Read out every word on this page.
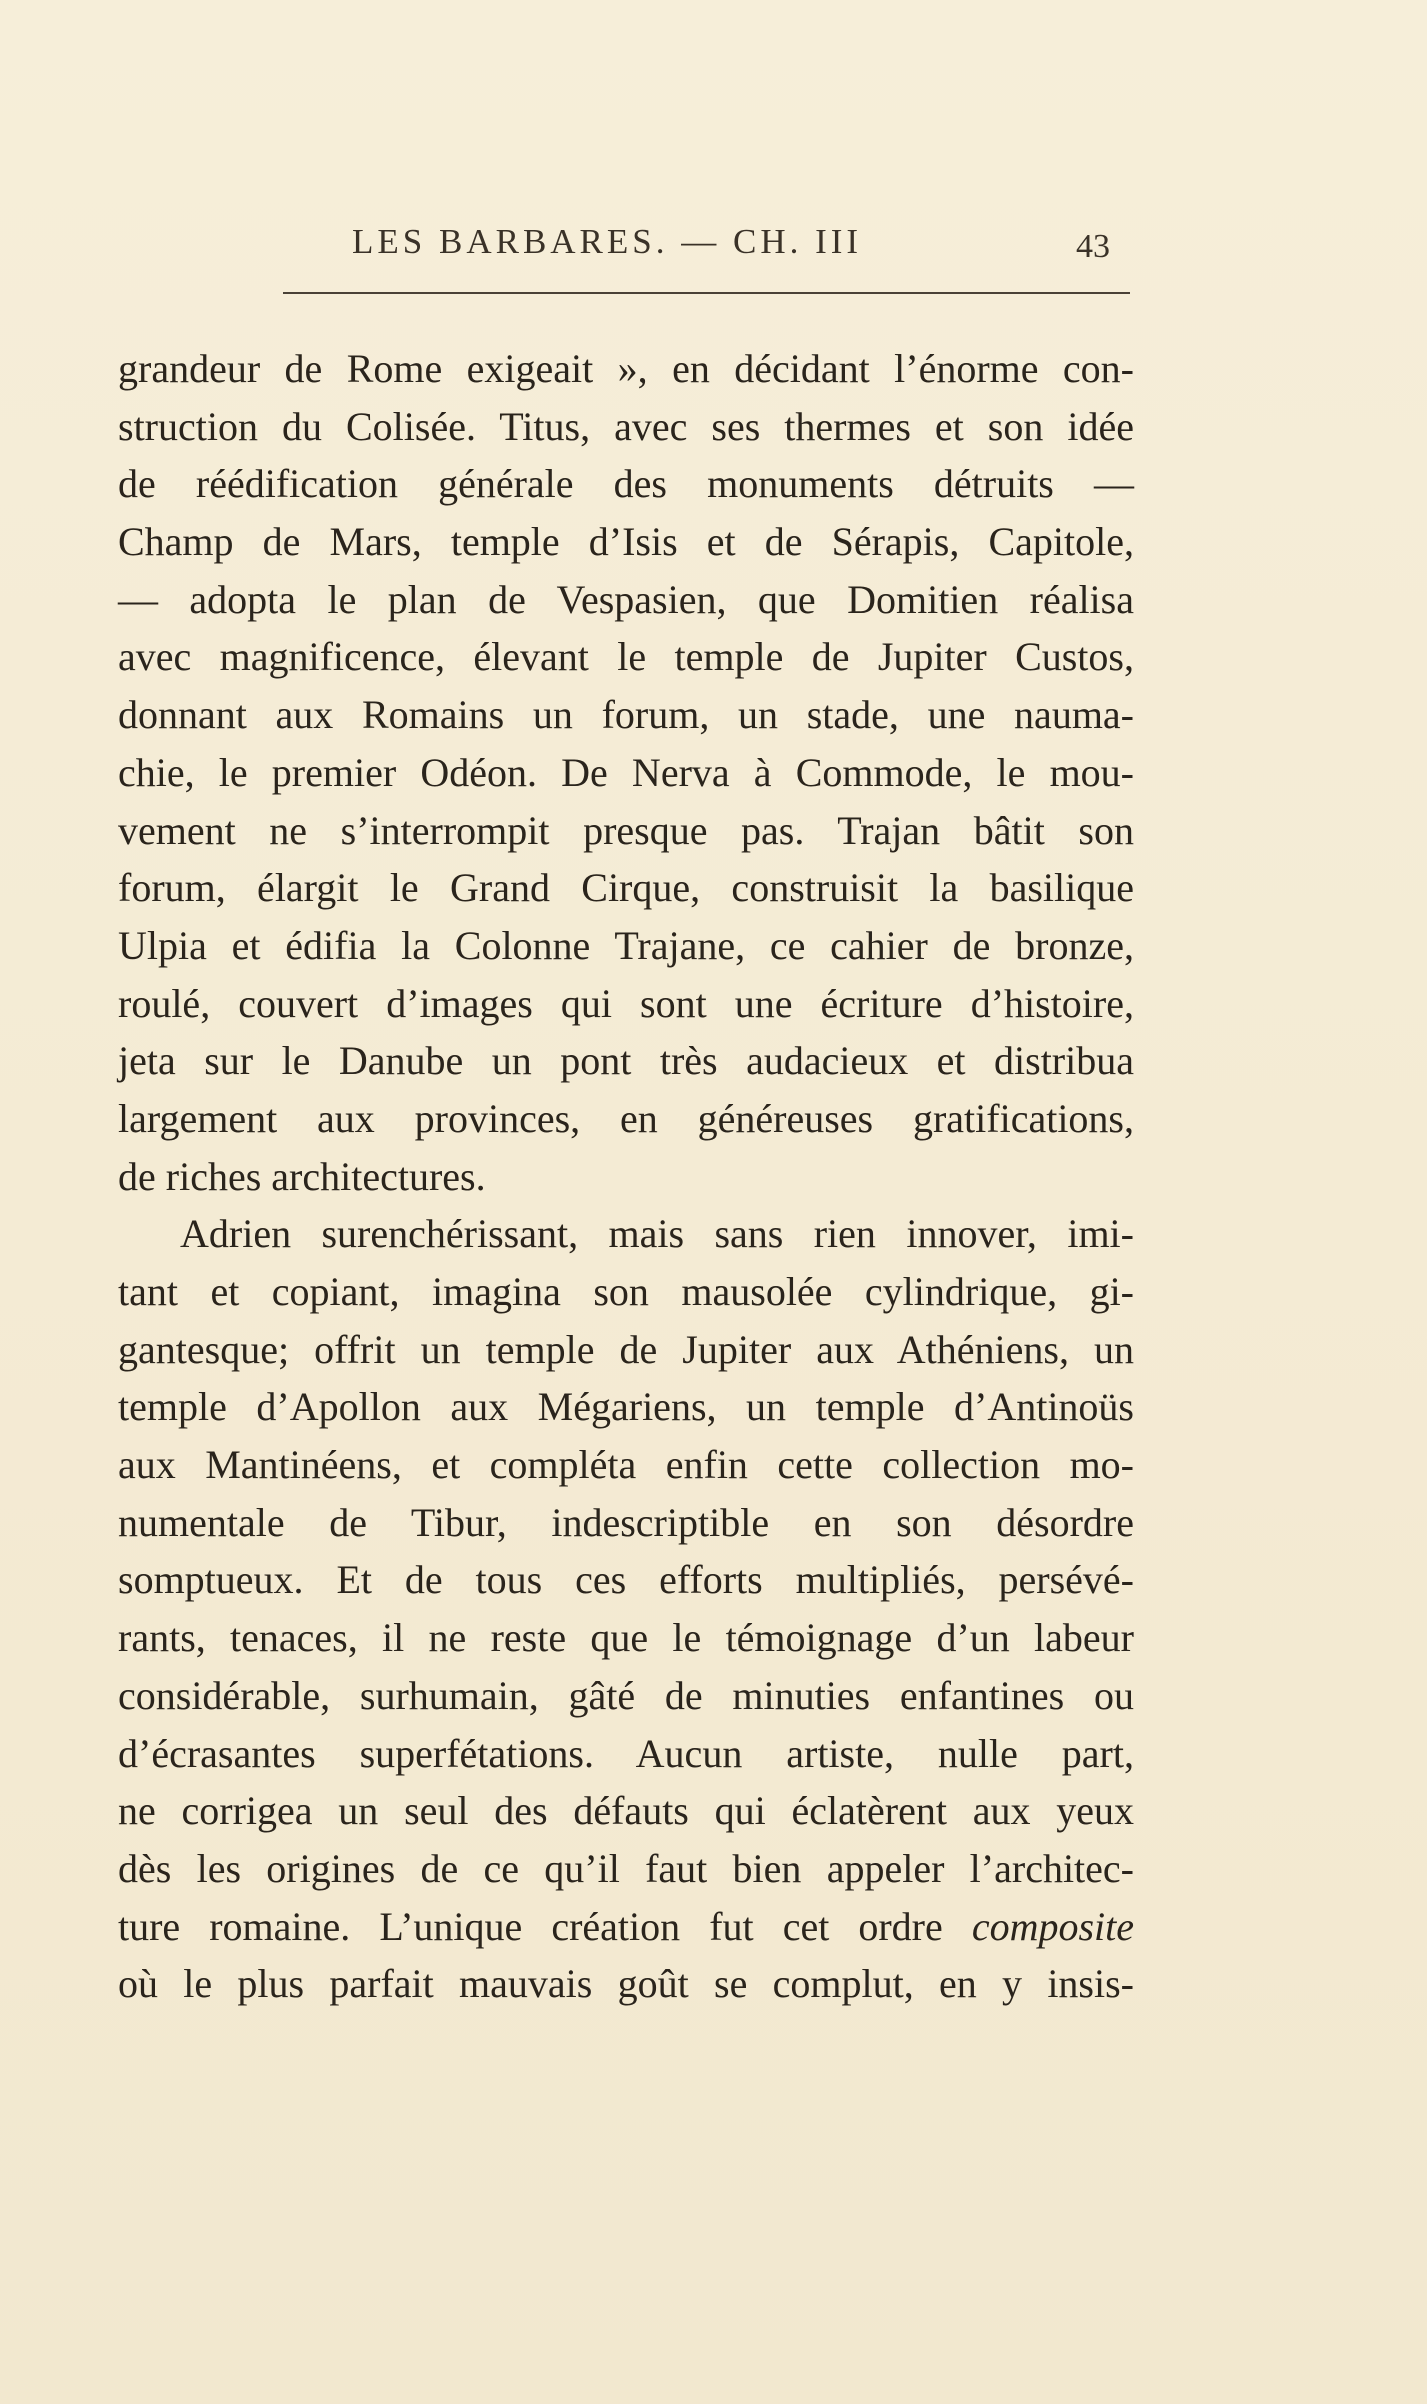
LES BARBARES. — CH. III	43
grandeur de Rome exigeait », en décidant l’énorme con-
struction du Colisée. Titus, avec ses thermes et son idée
de réédification générale des monuments détruits —
Champ de Mars, temple d’Isis et de Sérapis, Capitole,
— adopta le plan de Vespasien, que Domitien réalisa
avec magnificence, élevant le temple de Jupiter Custos,
donnant aux Romains un forum, un stade, une nauma-
chie, le premier Odéon. De Nerva à Commode, le mou-
vement ne s’interrompit presque pas. Trajan bâtit son
forum, élargit le Grand Cirque, construisit la basilique
Ulpia et édifia la Colonne Trajane, ce cahier de bronze,
roulé, couvert d’images qui sont une écriture d’histoire,
jeta sur le Danube un pont très audacieux et distribua
largement aux provinces, en généreuses gratifications,
de riches architectures.
Adrien surenchérissant, mais sans rien innover, imi-
tant et copiant, imagina son mausolée cylindrique, gi-
gantesque; offrit un temple de Jupiter aux Athéniens, un
temple d’Apollon aux Mégariens, un temple d’Antinoüs
aux Mantinéens, et compléta enfin cette collection mo-
numentale de Tibur, indescriptible en son désordre
somptueux. Et de tous ces efforts multipliés, persévé-
rants, tenaces, il ne reste que le témoignage d’un labeur
considérable, surhumain, gâté de minuties enfantines ou
d’écrasantes superfétations. Aucun artiste, nulle part,
ne corrigea un seul des défauts qui éclatèrent aux yeux
dès les origines de ce qu’il faut bien appeler l’architec-
ture romaine. L’unique création fut cet ordre composite
où le plus parfait mauvais goût se complut, en y insis-
